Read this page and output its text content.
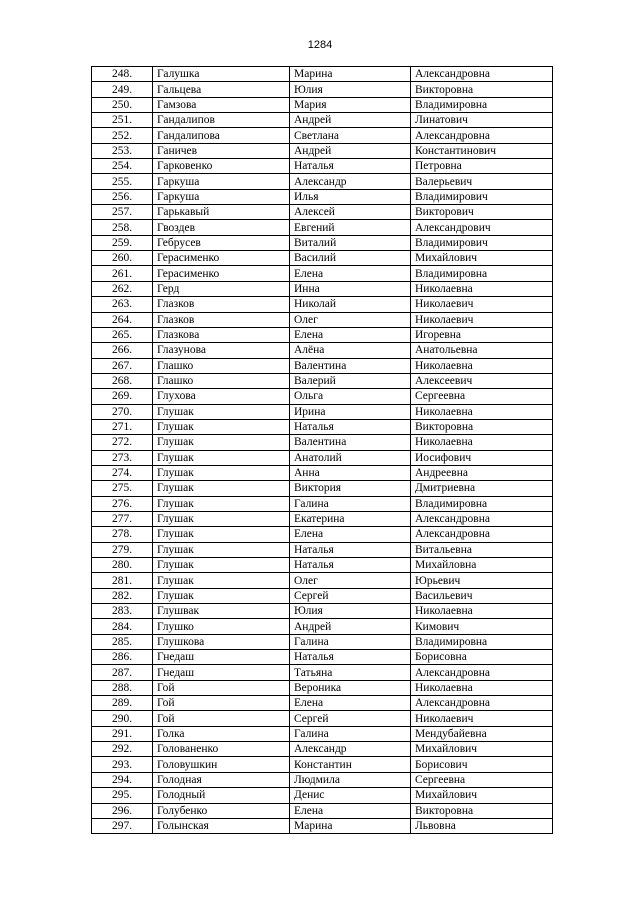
1284
248.	Галушка	Марина	Александровна
249.	Гальцева	Юлия	Викторовна
250.	Гамзова	Мария	Владимировна
251.	Гандалипов	Андрей	Линатович
252.	Гандалипова	Светлана	Александровна
253.	Ганичев	Андрей	Константинович
254.	Гарковенко	Наталья	Петровна
255.	Гаркуша	Александр	Валерьевич
256.	Гаркуша	Илья	Владимирович
257.	Гарькавый	Алексей	Викторович
258.	Гвоздев	Евгений	Александрович
259.	Гебрусев	Виталий	Владимирович
260.	Герасименко	Василий	Михайлович
261.	Герасименко	Елена	Владимировна
262.	Герд	Инна	Николаевна
263.	Глазков	Николай	Николаевич
264.	Глазков	Олег	Николаевич
265.	Глазкова	Елена	Игоревна
266.	Глазунова	Алёна	Анатольевна
267.	Глашко	Валентина	Николаевна
268.	Глашко	Валерий	Алексеевич
269.	Глухова	Ольга	Сергеевна
270.	Глушак	Ирина	Николаевна
271.	Глушак	Наталья	Викторовна
272.	Глушак	Валентина	Николаевна
273.	Глушак	Анатолий	Иосифович
274.	Глушак	Анна	Андреевна
275.	Глушак	Виктория	Дмитриевна
276.	Глушак	Галина	Владимировна
277.	Глушак	Екатерина	Александровна
278.	Глушак	Елена	Александровна
279.	Глушак	Наталья	Витальевна
280.	Глушак	Наталья	Михайловна
281.	Глушак	Олег	Юрьевич
282.	Глушак	Сергей	Васильевич
283.	Глушвак	Юлия	Николаевна
284.	Глушко	Андрей	Кимович
285.	Глушкова	Галина	Владимировна
286.	Гнедаш	Наталья	Борисовна
287.	Гнедаш	Татьяна	Александровна
288.	Гой	Вероника	Николаевна
289.	Гой	Елена	Александровна
290.	Гой	Сергей	Николаевич
291.	Голка	Галина	Мендубайевна
292.	Голованенко	Александр	Михайлович
293.	Головушкин	Константин	Борисович
294.	Голодная	Людмила	Сергеевна
295.	Голодный	Денис	Михайлович
296.	Голубенко	Елена	Викторовна
297.	Голынская	Марина	Львовна
